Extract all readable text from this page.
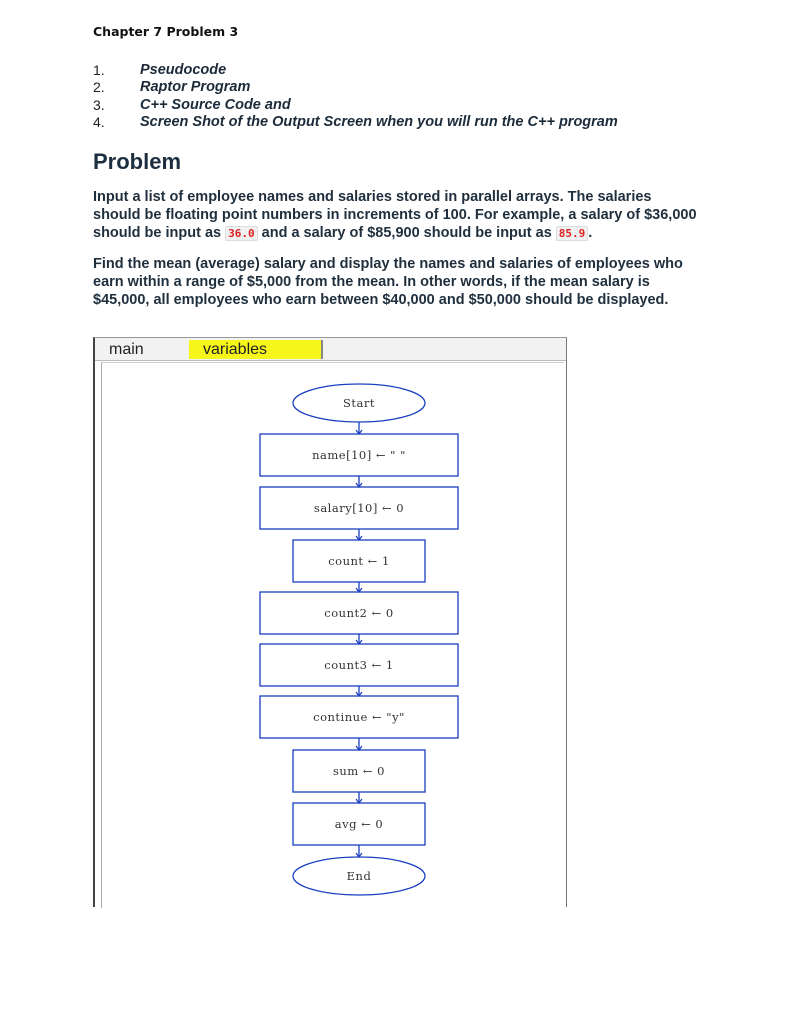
Chapter 7 Problem 3
1.	Pseudocode
2.	Raptor Program
3.	C++ Source Code and
4.	Screen Shot of the Output Screen when you will run the C++ program
Problem
Input a list of employee names and salaries stored in parallel arrays. The salaries should be floating point numbers in increments of 100. For example, a salary of $36,000 should be input as 36.0 and a salary of $85,900 should be input as 85.9 .
Find the mean (average) salary and display the names and salaries of employees who earn within a range of $5,000 from the mean. In other words, if the mean salary is $45,000, all employees who earn between $40,000 and $50,000 should be displayed.
main	variables
Start
name[10] ← " "
salary[10] ← 0
count ← 1
count2 ← 0
count3 ← 1
continue ← "y"
sum ← 0
avg ← 0
End
